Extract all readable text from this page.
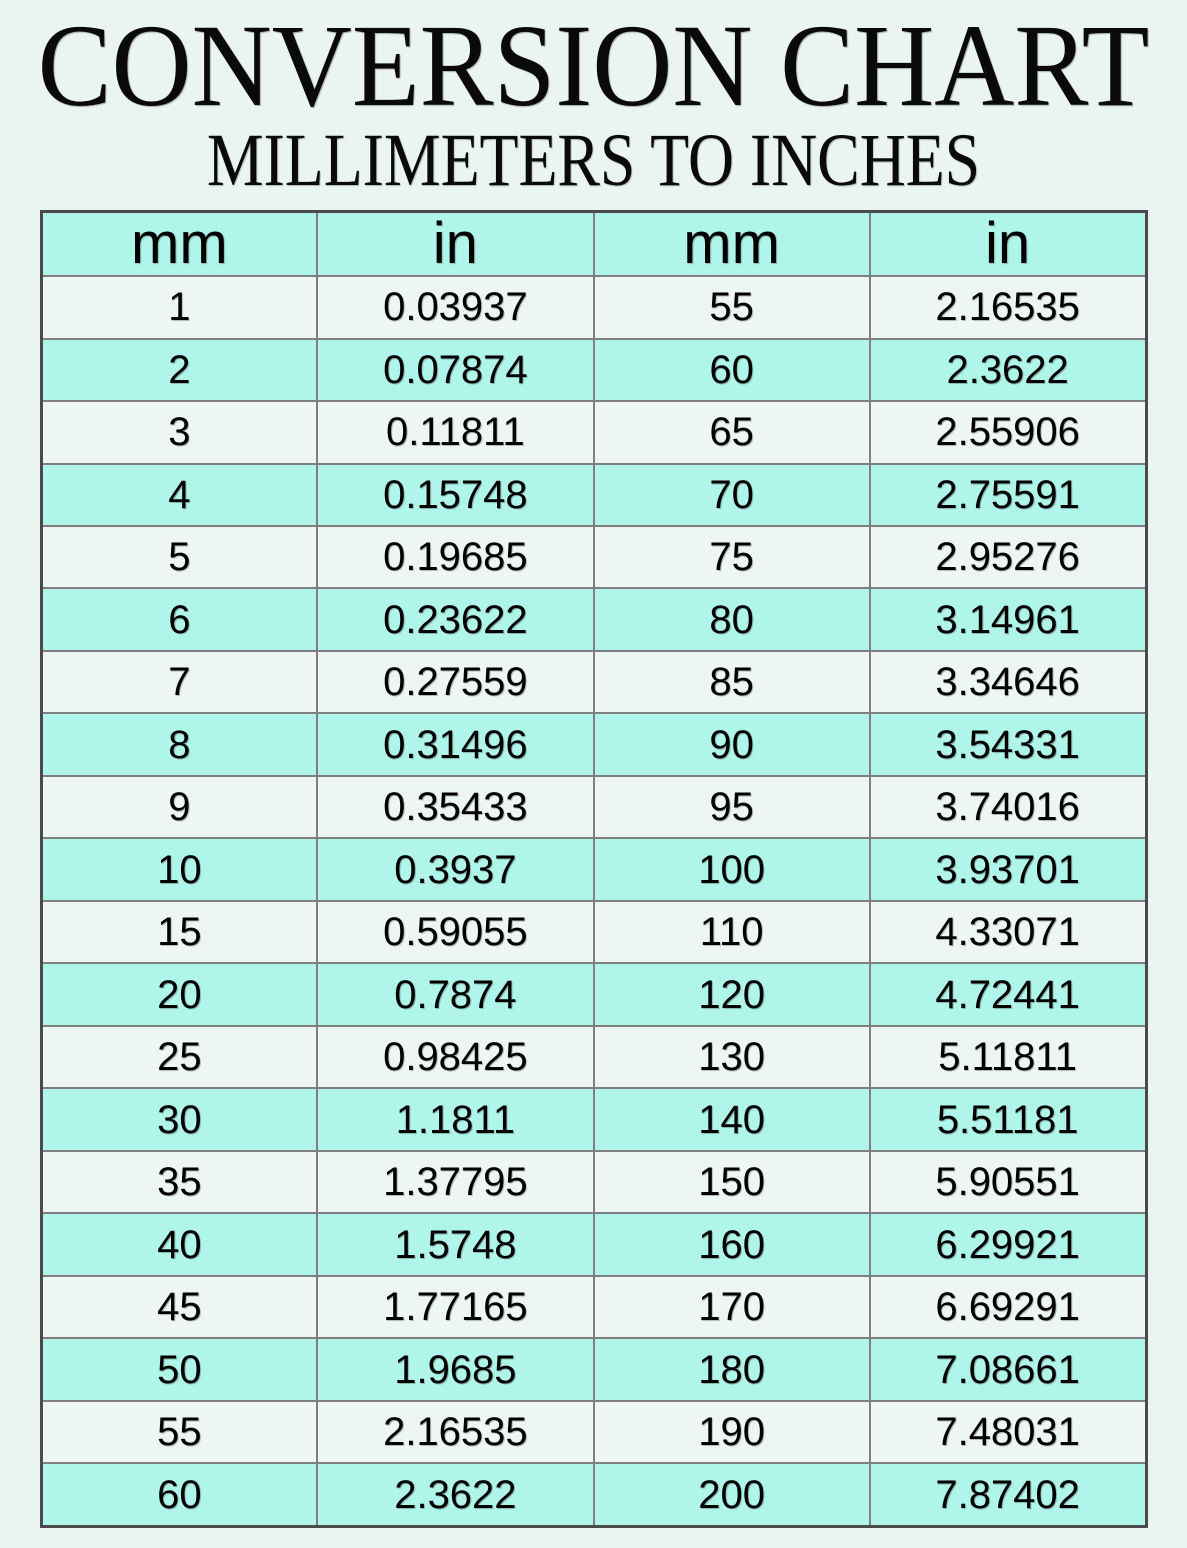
CONVERSION CHART
MILLIMETERS TO INCHES
mm	in	mm	in
1	0.03937	55	2.16535
2	0.07874	60	2.3622
3	0.11811	65	2.55906
4	0.15748	70	2.75591
5	0.19685	75	2.95276
6	0.23622	80	3.14961
7	0.27559	85	3.34646
8	0.31496	90	3.54331
9	0.35433	95	3.74016
10	0.3937	100	3.93701
15	0.59055	110	4.33071
20	0.7874	120	4.72441
25	0.98425	130	5.11811
30	1.1811	140	5.51181
35	1.37795	150	5.90551
40	1.5748	160	6.29921
45	1.77165	170	6.69291
50	1.9685	180	7.08661
55	2.16535	190	7.48031
60	2.3622	200	7.87402
